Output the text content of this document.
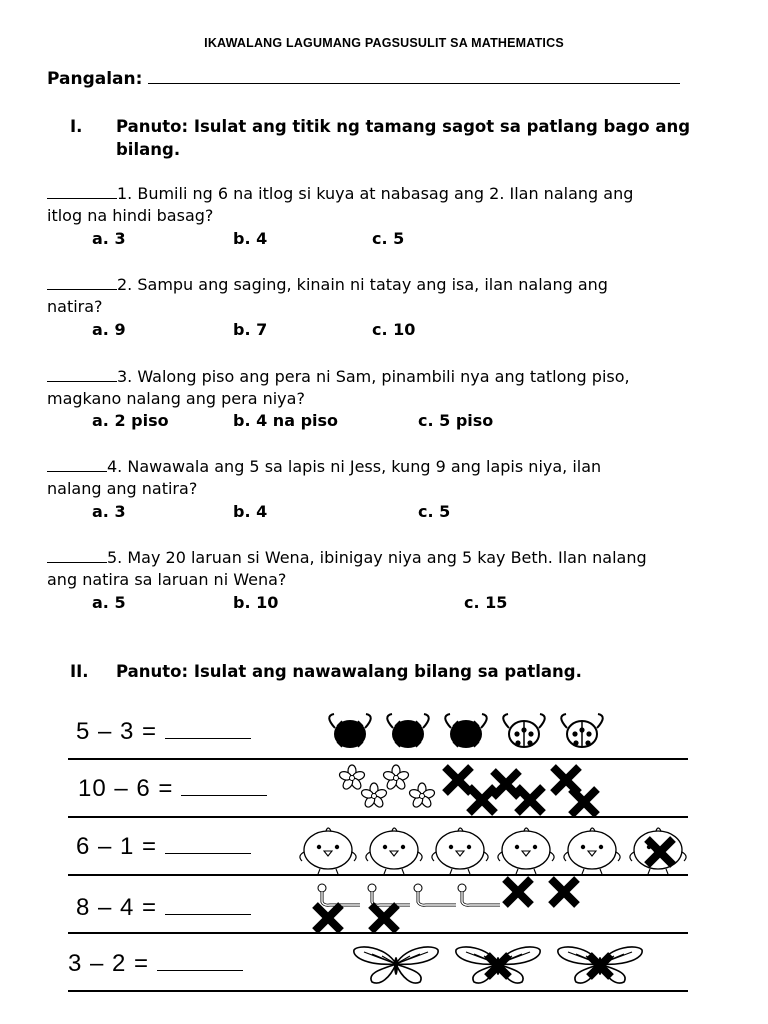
IKAWALANG LAGUMANG PAGSUSULIT SA MATHEMATICS
Pangalan:
I. Panuto: Isulat ang titik ng tamang sagot sa patlang bago ang bilang.
1. Bumili ng 6 na itlog si kuya at nabasag ang 2. Ilan nalang ang
itlog na hindi basag?
a. 3	b. 4	c. 5
2. Sampu ang saging, kinain ni tatay ang isa, ilan nalang ang
natira?
a. 9	b. 7	c. 10
3. Walong piso ang pera ni Sam, pinambili nya ang tatlong piso,
magkano nalang ang pera niya?
a. 2 piso	b. 4 na piso	c. 5 piso
4. Nawawala ang 5 sa lapis ni Jess, kung 9 ang lapis niya, ilan
nalang ang natira?
a. 3	b. 4	c. 5
5. May 20 laruan si Wena, ibinigay niya ang 5 kay Beth. Ilan nalang
ang natira sa laruan ni Wena?
a. 5	b. 10	c. 15
II. Panuto: Isulat ang nawawalang bilang sa patlang.
5 – 3 =
10 – 6 =
6 – 1 =
8 – 4 =
3 – 2 =
